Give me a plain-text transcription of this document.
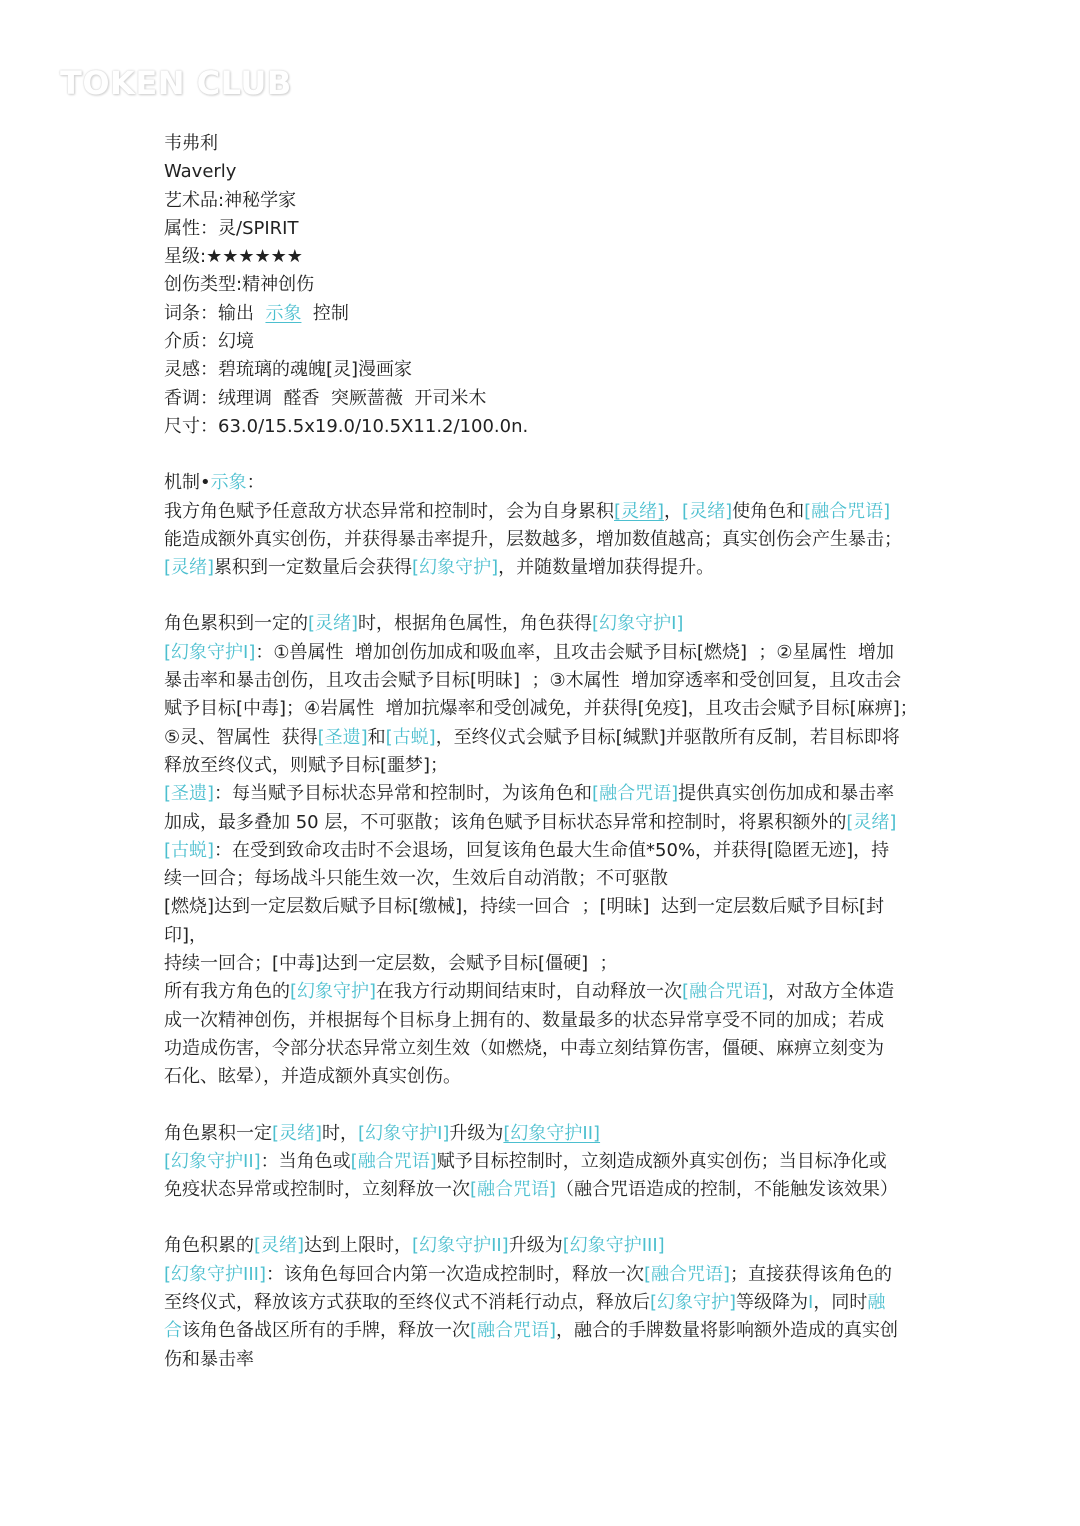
TOKEN CLUB
韦弗利
Waverly
艺术品:神秘学家
属性：灵/SPIRIT
星级:★★★★★★
创伤类型:精神创伤
词条：输出  示象  控制
介质：幻境
灵感：碧琉璃的魂魄[灵]漫画家
香调：绒理调  醛香  突厥蔷薇  开司米木
尺寸：63.0/15.5x19.0/10.5X11.2/100.0n.
机制•示象：
我方角色赋予任意敌方状态异常和控制时，会为自身累积[灵绪]，[灵绪]使角色和[融合咒语]
能造成额外真实创伤，并获得暴击率提升，层数越多，增加数值越高；真实创伤会产生暴击；
[灵绪]累积到一定数量后会获得[幻象守护]，并随数量增加获得提升。
角色累积到一定的[灵绪]时，根据角色属性，角色获得[幻象守护I]
[幻象守护I]：①兽属性  增加创伤加成和吸血率，且攻击会赋予目标[燃烧]  ；②星属性  增加
暴击率和暴击创伤，且攻击会赋予目标[明昧]  ；③木属性  增加穿透率和受创回复，且攻击会
赋予目标[中毒]；④岩属性  增加抗爆率和受创减免，并获得[免疫]，且攻击会赋予目标[麻痹]；
⑤灵、智属性  获得[圣遗]和[古蜕]，至终仪式会赋予目标[缄默]并驱散所有反制，若目标即将
释放至终仪式，则赋予目标[噩梦]；
[圣遗]：每当赋予目标状态异常和控制时，为该角色和[融合咒语]提供真实创伤加成和暴击率
加成，最多叠加 50 层，不可驱散；该角色赋予目标状态异常和控制时，将累积额外的[灵绪]
[古蜕]：在受到致命攻击时不会退场，回复该角色最大生命值*50%，并获得[隐匿无迹]，持
续一回合；每场战斗只能生效一次，生效后自动消散；不可驱散
[燃烧]达到一定层数后赋予目标[缴械]，持续一回合  ；[明昧]  达到一定层数后赋予目标[封印]，
持续一回合；[中毒]达到一定层数，会赋予目标[僵硬]  ；
所有我方角色的[幻象守护]在我方行动期间结束时，自动释放一次[融合咒语]，对敌方全体造
成一次精神创伤，并根据每个目标身上拥有的、数量最多的状态异常享受不同的加成；若成
功造成伤害，令部分状态异常立刻生效（如燃烧，中毒立刻结算伤害，僵硬、麻痹立刻变为
石化、眩晕），并造成额外真实创伤。
角色累积一定[灵绪]时，[幻象守护I]升级为[幻象守护II]
[幻象守护II]：当角色或[融合咒语]赋予目标控制时，立刻造成额外真实创伤；当目标净化或
免疫状态异常或控制时，立刻释放一次[融合咒语]（融合咒语造成的控制，不能触发该效果）
角色积累的[灵绪]达到上限时，[幻象守护II]升级为[幻象守护III]
[幻象守护III]：该角色每回合内第一次造成控制时，释放一次[融合咒语]；直接获得该角色的
至终仪式，释放该方式获取的至终仪式不消耗行动点，释放后[幻象守护]等级降为I，同时融
合该角色备战区所有的手牌，释放一次[融合咒语]，融合的手牌数量将影响额外造成的真实创
伤和暴击率
